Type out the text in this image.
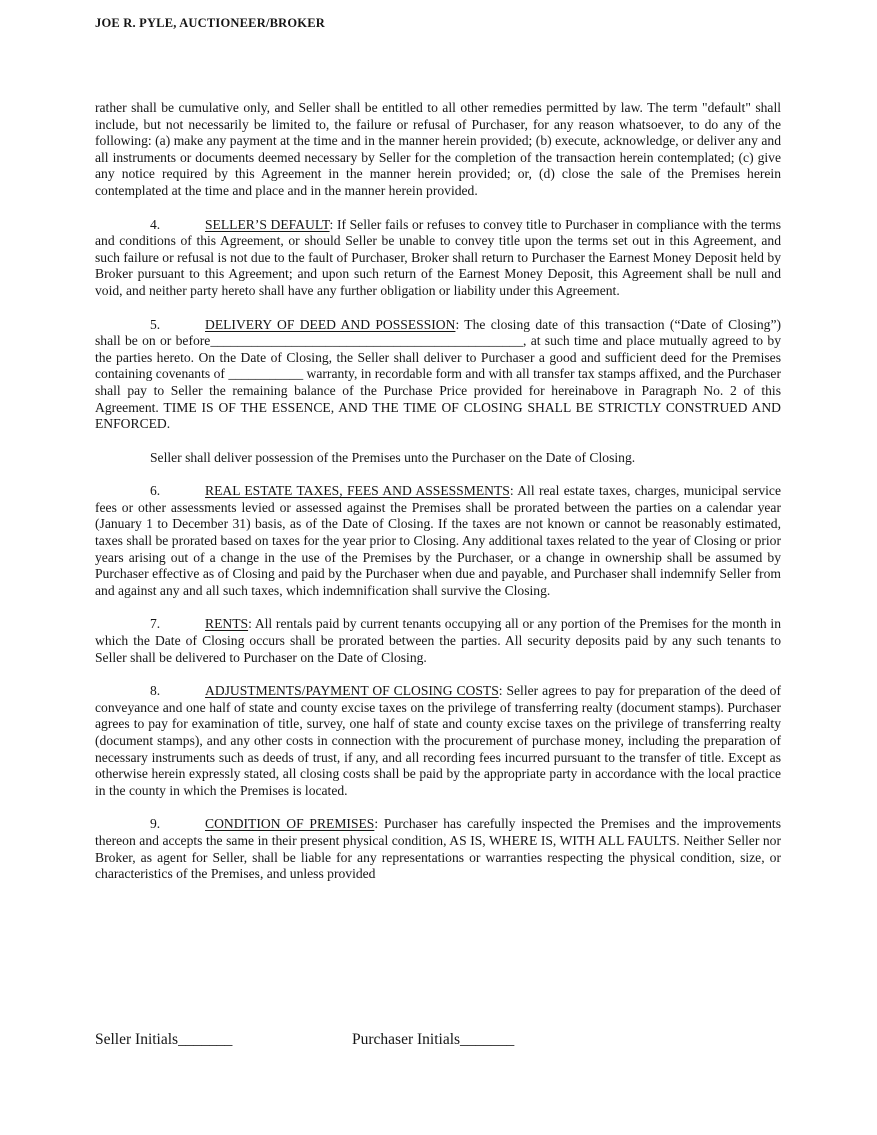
JOE R. PYLE, AUCTIONEER/BROKER

rather shall be cumulative only, and Seller shall be entitled to all other remedies permitted by law. The term "default" shall include, but not necessarily be limited to, the failure or refusal of Purchaser, for any reason whatsoever, to do any of the following: (a) make any payment at the time and in the manner herein provided; (b) execute, acknowledge, or deliver any and all instruments or documents deemed necessary by Seller for the completion of the transaction herein contemplated; (c) give any notice required by this Agreement in the manner herein provided; or, (d) close the sale of the Premises herein contemplated at the time and place and in the manner herein provided.

4.	SELLER’S DEFAULT: If Seller fails or refuses to convey title to Purchaser in compliance with the terms and conditions of this Agreement, or should Seller be unable to convey title upon the terms set out in this Agreement, and such failure or refusal is not due to the fault of Purchaser, Broker shall return to Purchaser the Earnest Money Deposit held by Broker pursuant to this Agreement; and upon such return of the Earnest Money Deposit, this Agreement shall be null and void, and neither party hereto shall have any further obligation or liability under this Agreement.

5.	DELIVERY OF DEED AND POSSESSION: The closing date of this transaction (“Date of Closing”) shall be on or before______________________________________________, at such time and place mutually agreed to by the parties hereto. On the Date of Closing, the Seller shall deliver to Purchaser a good and sufficient deed for the Premises containing covenants of ___________ warranty, in recordable form and with all transfer tax stamps affixed, and the Purchaser shall pay to Seller the remaining balance of the Purchase Price provided for hereinabove in Paragraph No. 2 of this Agreement. TIME IS OF THE ESSENCE, AND THE TIME OF CLOSING SHALL BE STRICTLY CONSTRUED AND ENFORCED.

Seller shall deliver possession of the Premises unto the Purchaser on the Date of Closing.

6.	REAL ESTATE TAXES, FEES AND ASSESSMENTS: All real estate taxes, charges, municipal service fees or other assessments levied or assessed against the Premises shall be prorated between the parties on a calendar year (January 1 to December 31) basis, as of the Date of Closing. If the taxes are not known or cannot be reasonably estimated, taxes shall be prorated based on taxes for the year prior to Closing. Any additional taxes related to the year of Closing or prior years arising out of a change in the use of the Premises by the Purchaser, or a change in ownership shall be assumed by Purchaser effective as of Closing and paid by the Purchaser when due and payable, and Purchaser shall indemnify Seller from and against any and all such taxes, which indemnification shall survive the Closing.

7.	RENTS: All rentals paid by current tenants occupying all or any portion of the Premises for the month in which the Date of Closing occurs shall be prorated between the parties. All security deposits paid by any such tenants to Seller shall be delivered to Purchaser on the Date of Closing.

8.	ADJUSTMENTS/PAYMENT OF CLOSING COSTS: Seller agrees to pay for preparation of the deed of conveyance and one half of state and county excise taxes on the privilege of transferring realty (document stamps). Purchaser agrees to pay for examination of title, survey, one half of state and county excise taxes on the privilege of transferring realty (document stamps), and any other costs in connection with the procurement of purchase money, including the preparation of necessary instruments such as deeds of trust, if any, and all recording fees incurred pursuant to the transfer of title. Except as otherwise herein expressly stated, all closing costs shall be paid by the appropriate party in accordance with the local practice in the county in which the Premises is located.

9.	CONDITION OF PREMISES: Purchaser has carefully inspected the Premises and the improvements thereon and accepts the same in their present physical condition, AS IS, WHERE IS, WITH ALL FAULTS. Neither Seller nor Broker, as agent for Seller, shall be liable for any representations or warranties respecting the physical condition, size, or characteristics of the Premises, and unless provided

Seller Initials_______	Purchaser Initials_______
